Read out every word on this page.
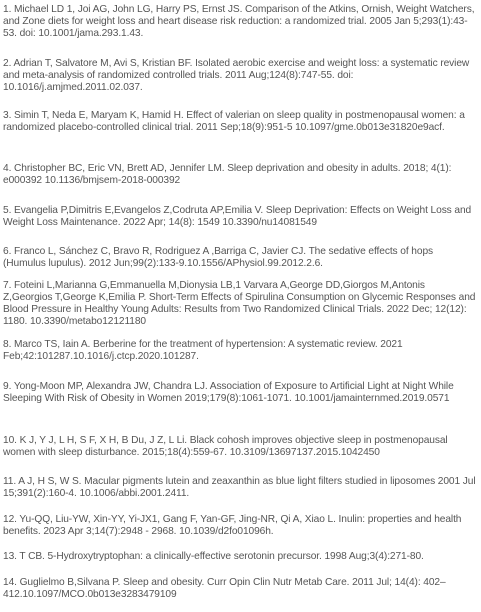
1. Michael LD 1, Joi AG, John LG, Harry PS, Ernst JS. Comparison of the Atkins, Ornish, Weight Watchers, and Zone diets for weight loss and heart disease risk reduction: a randomized trial. 2005 Jan 5;293(1):43-53. doi: 10.1001/jama.293.1.43.

2. Adrian T, Salvatore M, Avi S, Kristian BF. Isolated aerobic exercise and weight loss: a systematic review and meta-analysis of randomized controlled trials. 2011 Aug;124(8):747-55. doi: 10.1016/j.amjmed.2011.02.037.

3. Simin T, Neda E, Maryam K, Hamid H. Effect of valerian on sleep quality in postmenopausal women: a randomized placebo-controlled clinical trial. 2011 Sep;18(9):951-5 10.1097/gme.0b013e31820e9acf.

4. Christopher BC, Eric VN, Brett AD, Jennifer LM. Sleep deprivation and obesity in adults. 2018; 4(1): e000392 10.1136/bmjsem-2018-000392

5. Evangelia P,Dimitris E,Evangelos Z,Codruta AP,Emilia V. Sleep Deprivation: Effects on Weight Loss and Weight Loss Maintenance. 2022 Apr; 14(8): 1549 10.3390/nu14081549

6. Franco L, Sánchez C, Bravo R, Rodriguez A ,Barriga C, Javier CJ. The sedative effects of hops (Humulus lupulus). 2012 Jun;99(2):133-9.10.1556/APhysiol.99.2012.2.6.

7. Foteini L,Marianna G,Emmanuella M,Dionysia LB,1 Varvara A,George DD,Giorgos M,Antonis Z,Georgios T,George K,Emilia P. Short-Term Effects of Spirulina Consumption on Glycemic Responses and Blood Pressure in Healthy Young Adults: Results from Two Randomized Clinical Trials. 2022 Dec; 12(12): 1180. 10.3390/metabo12121180

8. Marco TS, Iain A. Berberine for the treatment of hypertension: A systematic review. 2021 Feb;42:101287.10.1016/j.ctcp.2020.101287.

9. Yong-Moon MP, Alexandra JW, Chandra LJ. Association of Exposure to Artificial Light at Night While Sleeping With Risk of Obesity in Women 2019;179(8):1061-1071. 10.1001/jamainternmed.2019.0571

10. K J, Y J, L H, S F, X H, B Du, J Z, L Li. Black cohosh improves objective sleep in postmenopausal women with sleep disturbance. 2015;18(4):559-67. 10.3109/13697137.2015.1042450

11. A J, H S, W S. Macular pigments lutein and zeaxanthin as blue light filters studied in liposomes 2001 Jul 15;391(2):160-4. 10.1006/abbi.2001.2411.

12. Yu-QQ, Liu-YW, Xin-YY, Yi-JX1, Gang F, Yan-GF, Jing-NR, Qi A, Xiao L. Inulin: properties and health benefits. 2023 Apr 3;14(7):2948 - 2968. 10.1039/d2fo01096h.

13. T CB. 5-Hydroxytryptophan: a clinically-effective serotonin precursor. 1998 Aug;3(4):271-80.

14. Guglielmo B,Silvana P. Sleep and obesity. Curr Opin Clin Nutr Metab Care. 2011 Jul; 14(4): 402–412.10.1097/MCO.0b013e3283479109
